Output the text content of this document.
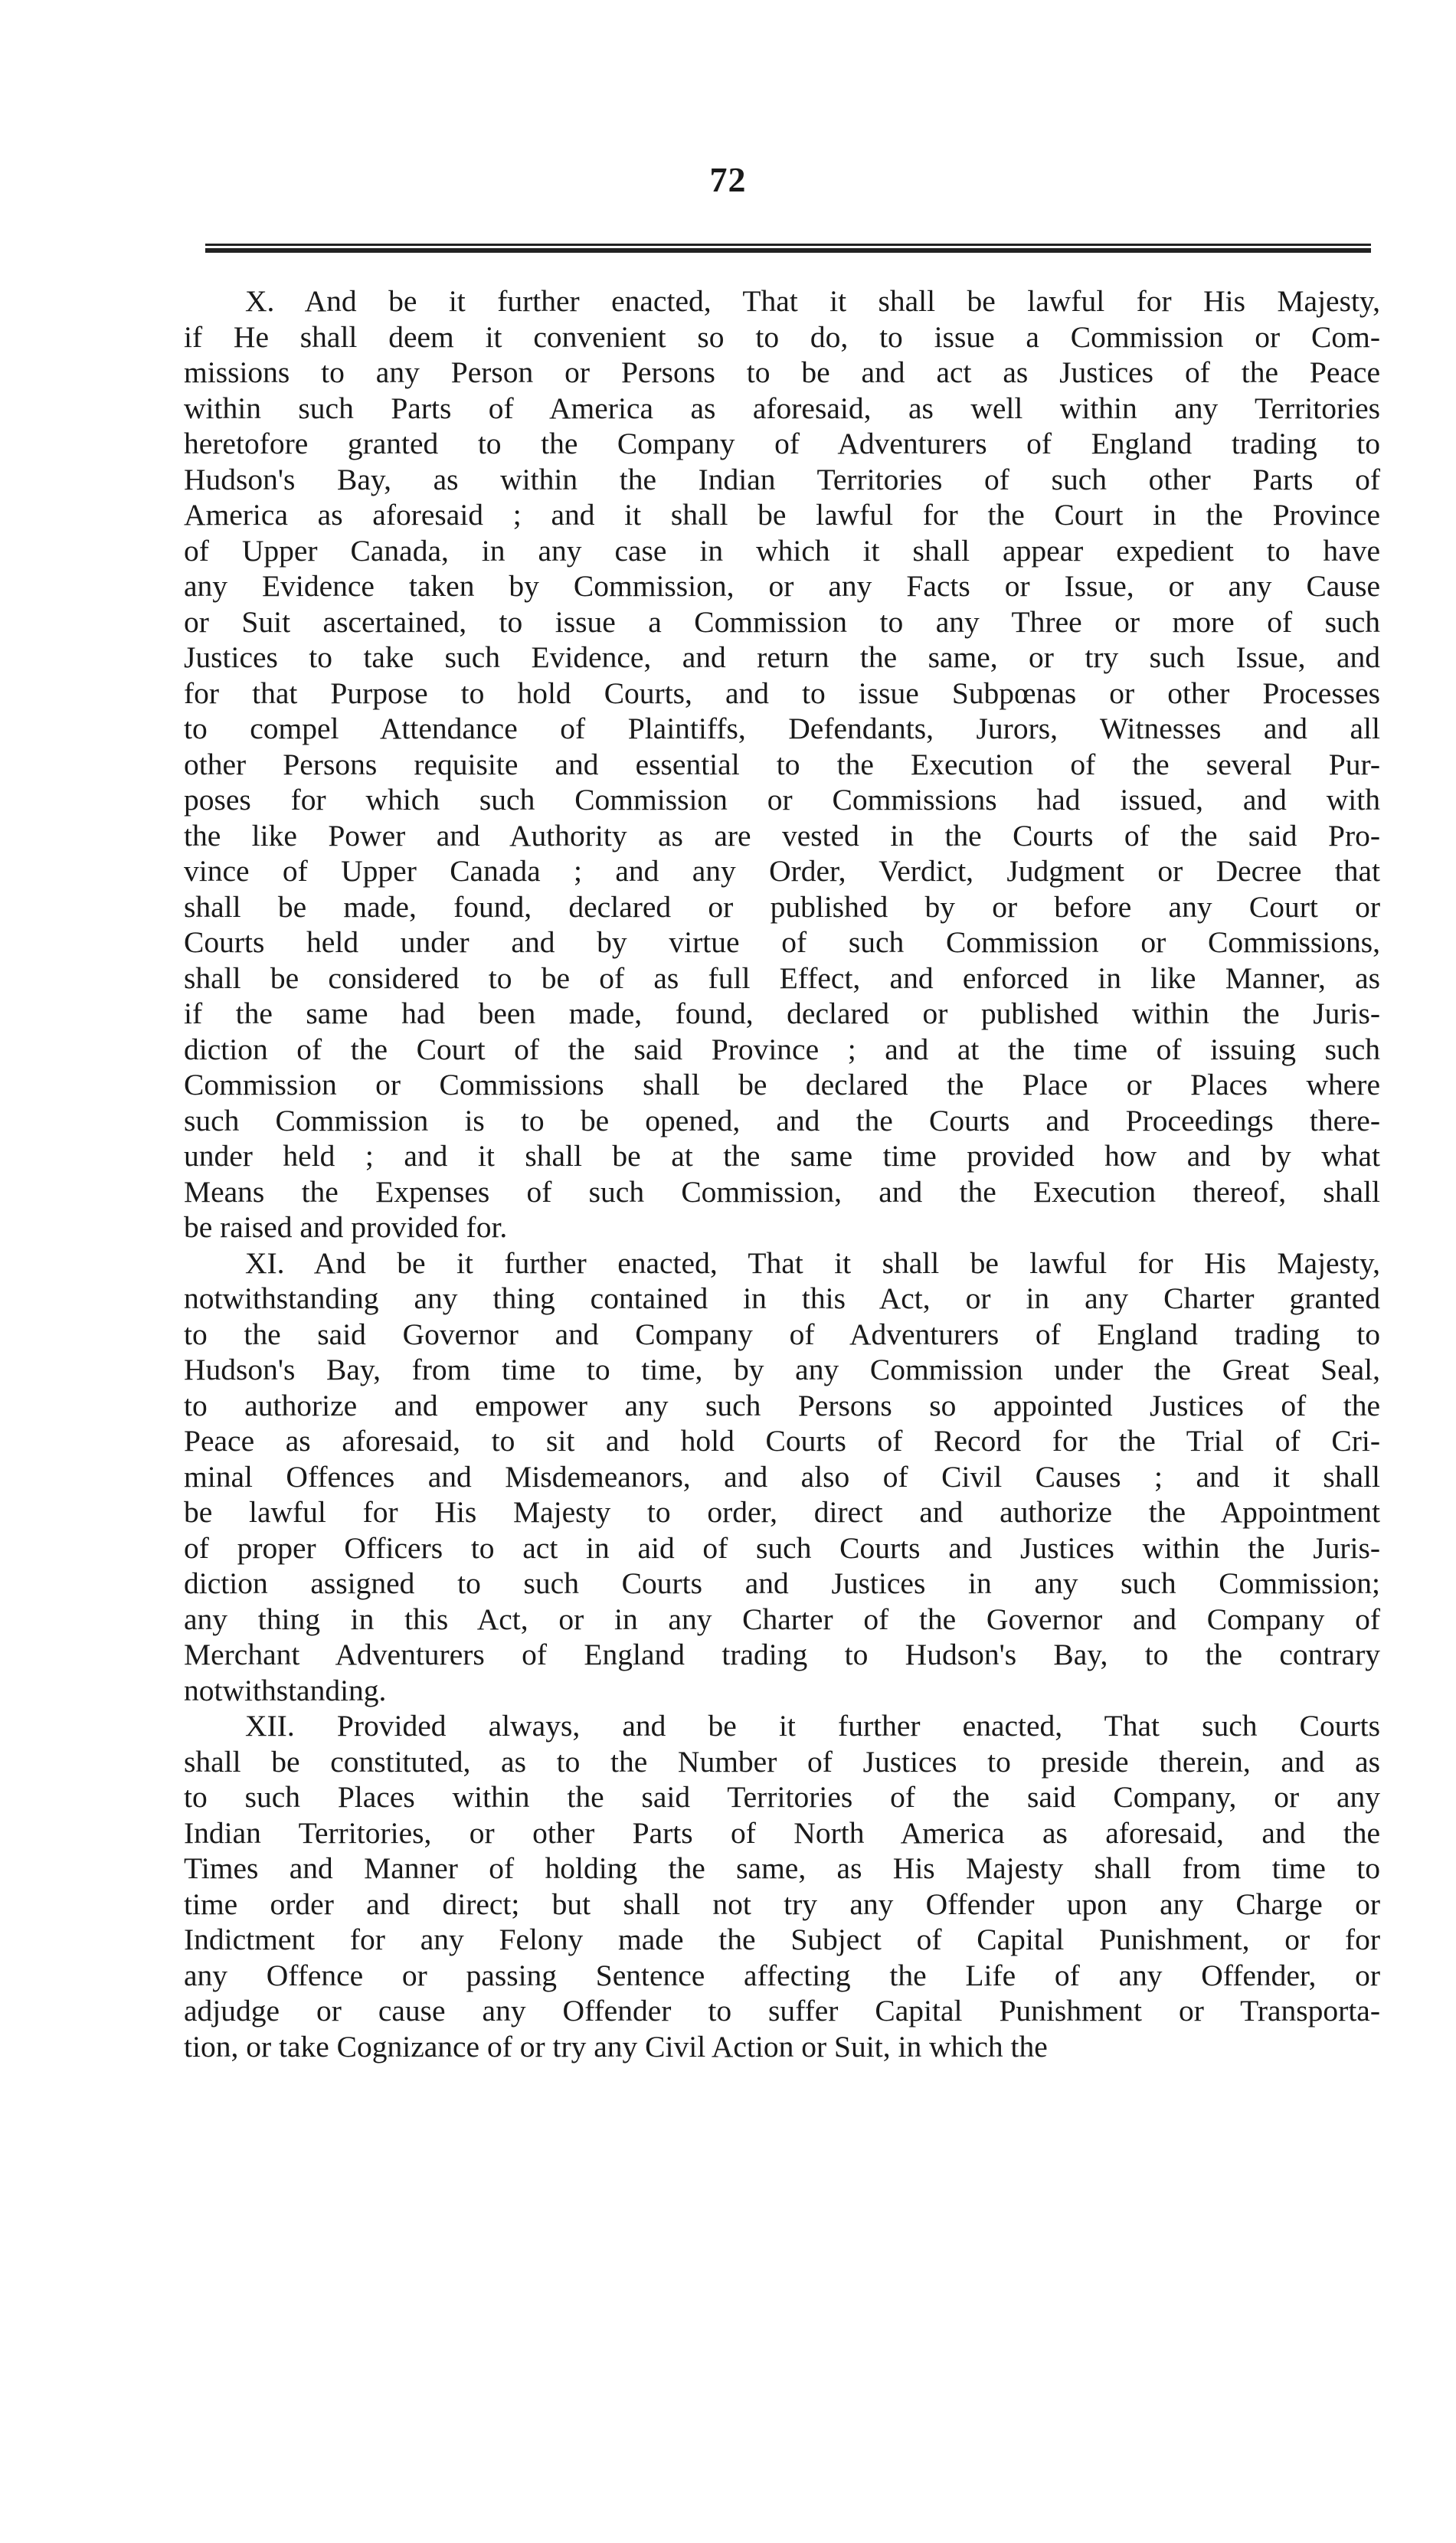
72
X. And be it further enacted, That it shall be lawful for His Majesty,
if He shall deem it convenient so to do, to issue a Commission or Com-
missions to any Person or Persons to be and act as Justices of the Peace
within such Parts of America as aforesaid, as well within any Territories
heretofore granted to the Company of Adventurers of England trading to
Hudson's Bay, as within the Indian Territories of such other Parts of
America as aforesaid ; and it shall be lawful for the Court in the Province
of Upper Canada, in any case in which it shall appear expedient to have
any Evidence taken by Commission, or any Facts or Issue, or any Cause
or Suit ascertained, to issue a Commission to any Three or more of such
Justices to take such Evidence, and return the same, or try such Issue, and
for that Purpose to hold Courts, and to issue Subpœnas or other Processes
to compel Attendance of Plaintiffs, Defendants, Jurors, Witnesses and all
other Persons requisite and essential to the Execution of the several Pur-
poses for which such Commission or Commissions had issued, and with
the like Power and Authority as are vested in the Courts of the said Pro-
vince of Upper Canada ; and any Order, Verdict, Judgment or Decree that
shall be made, found, declared or published by or before any Court or
Courts held under and by virtue of such Commission or Commissions,
shall be considered to be of as full Effect, and enforced in like Manner, as
if the same had been made, found, declared or published within the Juris-
diction of the Court of the said Province ; and at the time of issuing such
Commission or Commissions shall be declared the Place or Places where
such Commission is to be opened, and the Courts and Proceedings there-
under held ; and it shall be at the same time provided how and by what
Means the Expenses of such Commission, and the Execution thereof, shall
be raised and provided for.
XI. And be it further enacted, That it shall be lawful for His Majesty,
notwithstanding any thing contained in this Act, or in any Charter granted
to the said Governor and Company of Adventurers of England trading to
Hudson's Bay, from time to time, by any Commission under the Great Seal,
to authorize and empower any such Persons so appointed Justices of the
Peace as aforesaid, to sit and hold Courts of Record for the Trial of Cri-
minal Offences and Misdemeanors, and also of Civil Causes ; and it shall
be lawful for His Majesty to order, direct and authorize the Appointment
of proper Officers to act in aid of such Courts and Justices within the Juris-
diction assigned to such Courts and Justices in any such Commission;
any thing in this Act, or in any Charter of the Governor and Company of
Merchant Adventurers of England trading to Hudson's Bay, to the contrary
notwithstanding.
XII. Provided always, and be it further enacted, That such Courts
shall be constituted, as to the Number of Justices to preside therein, and as
to such Places within the said Territories of the said Company, or any
Indian Territories, or other Parts of North America as aforesaid, and the
Times and Manner of holding the same, as His Majesty shall from time to
time order and direct; but shall not try any Offender upon any Charge or
Indictment for any Felony made the Subject of Capital Punishment, or for
any Offence or passing Sentence affecting the Life of any Offender, or
adjudge or cause any Offender to suffer Capital Punishment or Transporta-
tion, or take Cognizance of or try any Civil Action or Suit, in which the
